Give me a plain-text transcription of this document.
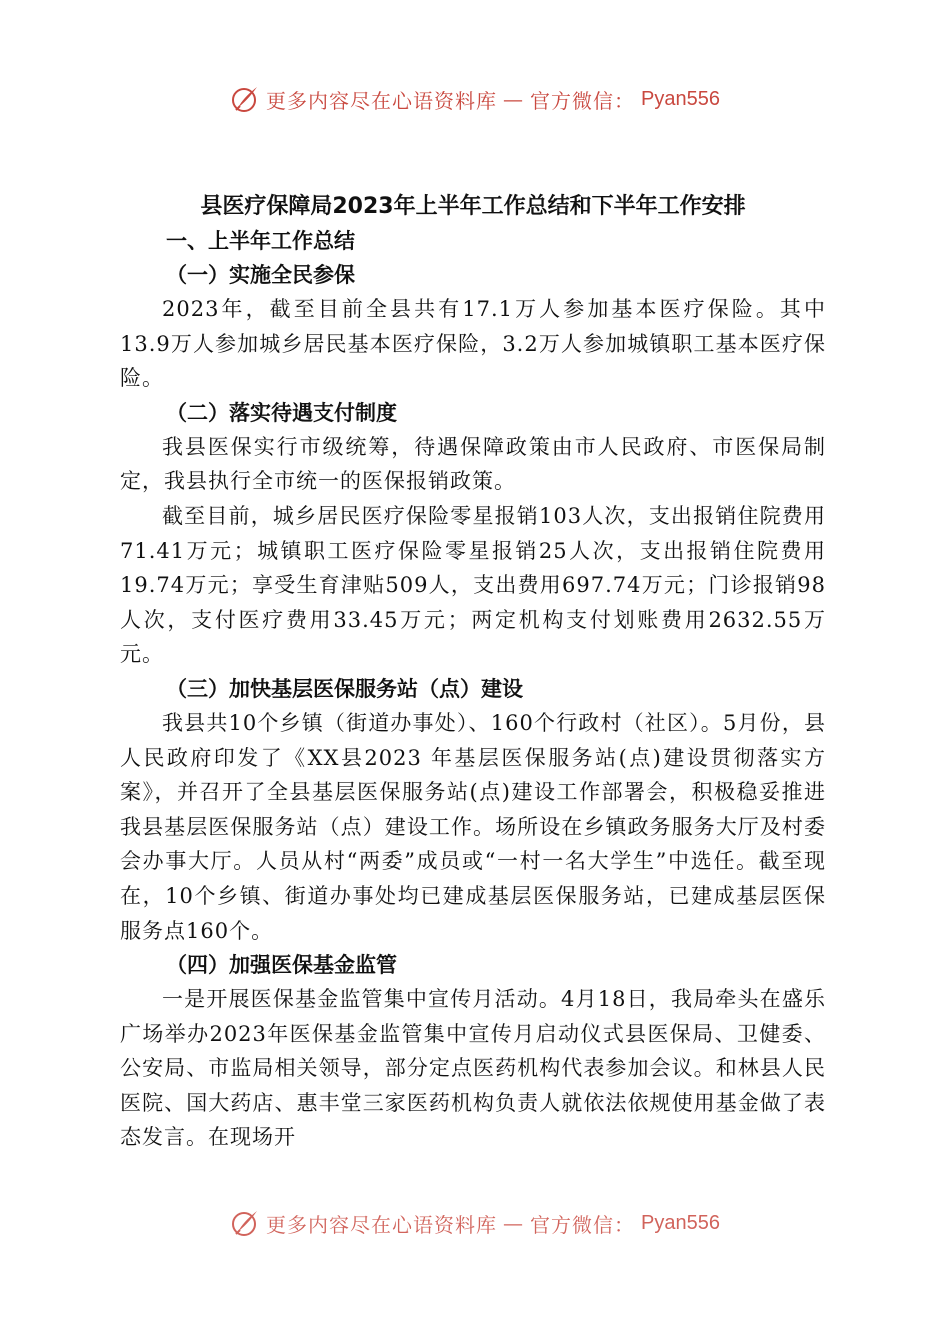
更多内容尽在心语资料库 — 官方微信： Pyan556

县医疗保障局2023年上半年工作总结和下半年工作安排

一、上半年工作总结

（一）实施全民参保

2023年，截至目前全县共有17.1万人参加基本医疗保险。其中13.9万人参加城乡居民基本医疗保险，3.2万人参加城镇职工基本医疗保险。

（二）落实待遇支付制度

我县医保实行市级统筹，待遇保障政策由市人民政府、市医保局制定，我县执行全市统一的医保报销政策。

截至目前，城乡居民医疗保险零星报销103人次，支出报销住院费用71.41万元；城镇职工医疗保险零星报销25人次，支出报销住院费用19.74万元；享受生育津贴509人，支出费用697.74万元；门诊报销98人次，支付医疗费用33.45万元；两定机构支付划账费用2632.55万元。

（三）加快基层医保服务站（点）建设

我县共10个乡镇（街道办事处）、160个行政村（社区）。5月份，县人民政府印发了《XX县2023 年基层医保服务站(点)建设贯彻落实方案》，并召开了全县基层医保服务站(点)建设工作部署会，积极稳妥推进我县基层医保服务站（点）建设工作。场所设在乡镇政务服务大厅及村委会办事大厅。人员从村“两委”成员或“一村一名大学生”中选任。截至现在，10个乡镇、街道办事处均已建成基层医保服务站，已建成基层医保服务点160个。

（四）加强医保基金监管

一是开展医保基金监管集中宣传月活动。4月18日，我局牵头在盛乐广场举办2023年医保基金监管集中宣传月启动仪式县医保局、卫健委、公安局、市监局相关领导，部分定点医药机构代表参加会议。和林县人民医院、国大药店、惠丰堂三家医药机构负责人就依法依规使用基金做了表态发言。在现场开

更多内容尽在心语资料库 — 官方微信： Pyan556
